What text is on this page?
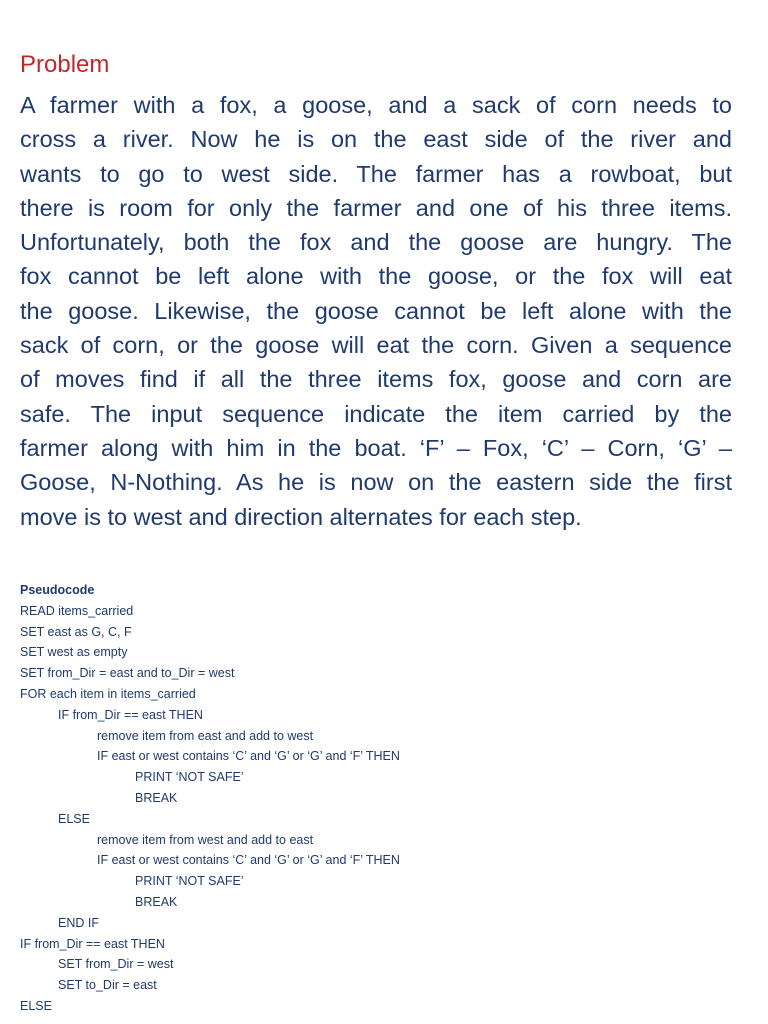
Problem

A farmer with a fox, a goose, and a sack of corn needs to
cross a river. Now he is on the east side of the river and
wants to go to west side. The farmer has a rowboat, but
there is room for only the farmer and one of his three items.
Unfortunately, both the fox and the goose are hungry. The
fox cannot be left alone with the goose, or the fox will eat
the goose. Likewise, the goose cannot be left alone with the
sack of corn, or the goose will eat the corn. Given a sequence
of moves find if all the three items fox, goose and corn are
safe. The input sequence indicate the item carried by the
farmer along with him in the boat. ‘F’ – Fox, ‘C’ – Corn, ‘G’ –
Goose, N-Nothing. As he is now on the eastern side the first
move is to west and direction alternates for each step.

Pseudocode
READ items_carried
SET east as G, C, F
SET west as empty
SET from_Dir = east and to_Dir = west
FOR each item in items_carried
IF from_Dir == east THEN
remove item from east and add to west
IF east or west contains ‘C’ and ‘G’ or ‘G’ and ‘F’ THEN
PRINT ‘NOT SAFE’
BREAK
ELSE
remove item from west and add to east
IF east or west contains ‘C’ and ‘G’ or ‘G’ and ‘F’ THEN
PRINT ‘NOT SAFE’
BREAK
END IF
IF from_Dir == east THEN
SET from_Dir = west
SET to_Dir = east
ELSE
